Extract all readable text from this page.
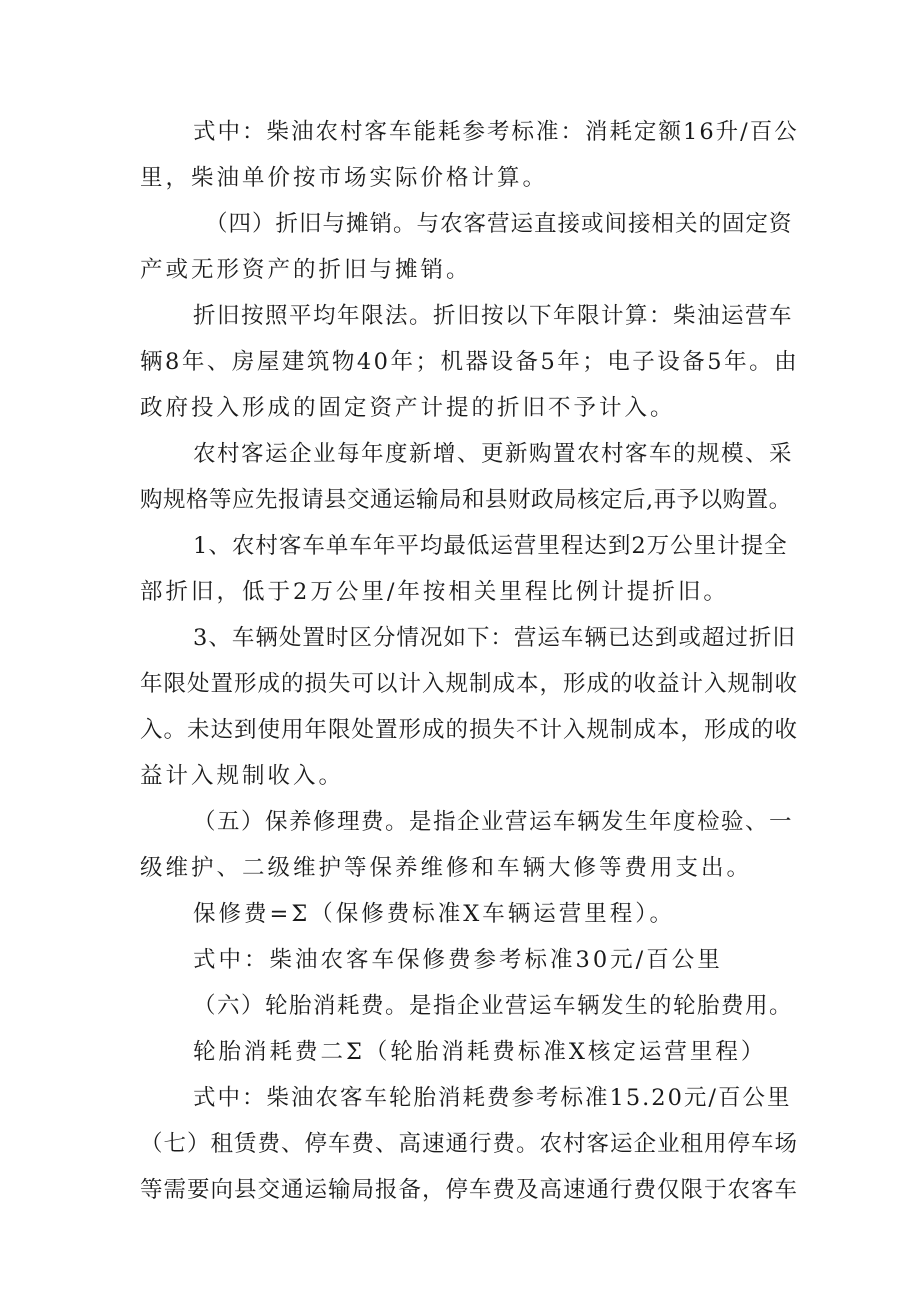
式中：柴油农村客车能耗参考标准：消耗定额16升/百公
里，柴油单价按市场实际价格计算。
（四）折旧与摊销。与农客营运直接或间接相关的固定资
产或无形资产的折旧与摊销。
折旧按照平均年限法。折旧按以下年限计算：柴油运营车
辆8年、房屋建筑物40年；机器设备5年；电子设备5年。由
政府投入形成的固定资产计提的折旧不予计入。
农村客运企业每年度新增、更新购置农村客车的规模、采
购规格等应先报请县交通运输局和县财政局核定后,再予以购置。
1、农村客车单车年平均最低运营里程达到2万公里计提全
部折旧，低于2万公里/年按相关里程比例计提折旧。
3、车辆处置时区分情况如下：营运车辆已达到或超过折旧
年限处置形成的损失可以计入规制成本，形成的收益计入规制收
入。未达到使用年限处置形成的损失不计入规制成本，形成的收
益计入规制收入。
（五）保养修理费。是指企业营运车辆发生年度检验、一
级维护、二级维护等保养维修和车辆大修等费用支出。
保修费=Σ（保修费标准X车辆运营里程）。
式中：柴油农客车保修费参考标准30元/百公里
（六）轮胎消耗费。是指企业营运车辆发生的轮胎费用。
轮胎消耗费二Σ（轮胎消耗费标准X核定运营里程）
式中：柴油农客车轮胎消耗费参考标准15.20元/百公里
（七）租赁费、停车费、高速通行费。农村客运企业租用停车场
等需要向县交通运输局报备，停车费及高速通行费仅限于农客车
